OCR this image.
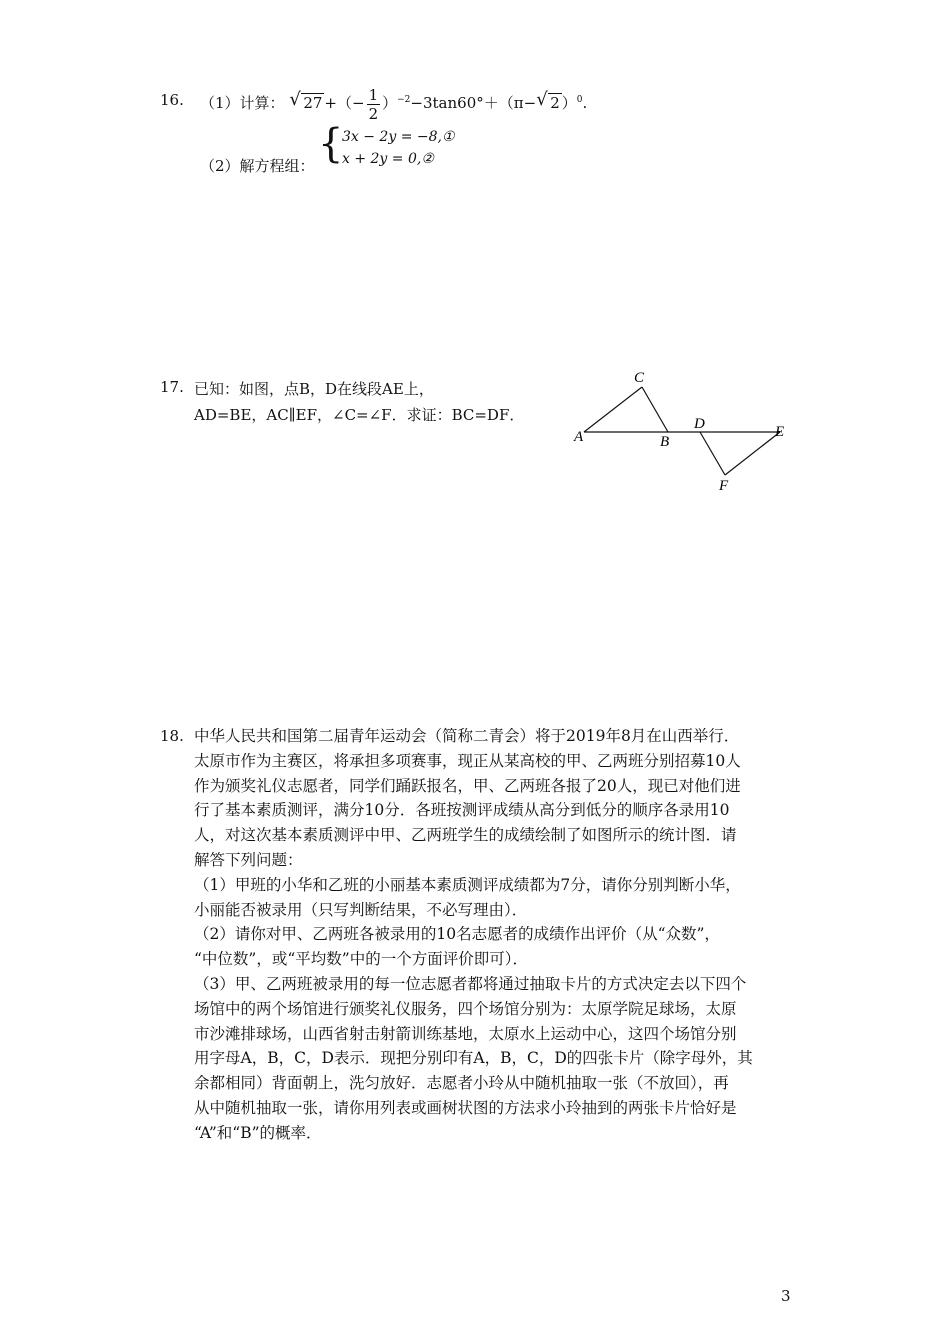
16. （1）计算： √ 27 +（− $\frac{1}{2} )^{-2}-3\tan 60^\circ+(\pi-$ √ 2 ）$^0$.
（2）解方程组： {
3x − 2y = −8,①
x + 2y = 0,②
17. 已知：如图，点B，D在线段AE上，
AD=BE，AC∥EF，∠C=∠F．求证：BC=DF．
A
C
B
D	E
F
18. 中华人民共和国第二届青年运动会（简称二青会）将于2019年8月在山西举行．
太原市作为主赛区，将承担多项赛事，现正从某高校的甲、乙两班分别招募10人
作为颁奖礼仪志愿者，同学们踊跃报名，甲、乙两班各报了20人，现已对他们进
行了基本素质测评，满分10分．各班按测评成绩从高分到低分的顺序各录用10
人，对这次基本素质测评中甲、乙两班学生的成绩绘制了如图所示的统计图．请
解答下列问题：
（1）甲班的小华和乙班的小丽基本素质测评成绩都为7分，请你分别判断小华，
小丽能否被录用（只写判断结果，不必写理由）．
（2）请你对甲、乙两班各被录用的10名志愿者的成绩作出评价（从“众数”，
“中位数”，或“平均数”中的一个方面评价即可）．
（3）甲、乙两班被录用的每一位志愿者都将通过抽取卡片的方式决定去以下四个
场馆中的两个场馆进行颁奖礼仪服务，四个场馆分别为：太原学院足球场，太原
市沙滩排球场，山西省射击射箭训练基地，太原水上运动中心，这四个场馆分别
用字母A，B，C，D表示．现把分别印有A，B，C，D的四张卡片（除字母外，其
余都相同）背面朝上，洗匀放好．志愿者小玲从中随机抽取一张（不放回），再
从中随机抽取一张，请你用列表或画树状图的方法求小玲抽到的两张卡片恰好是
“A”和“B”的概率．
3
